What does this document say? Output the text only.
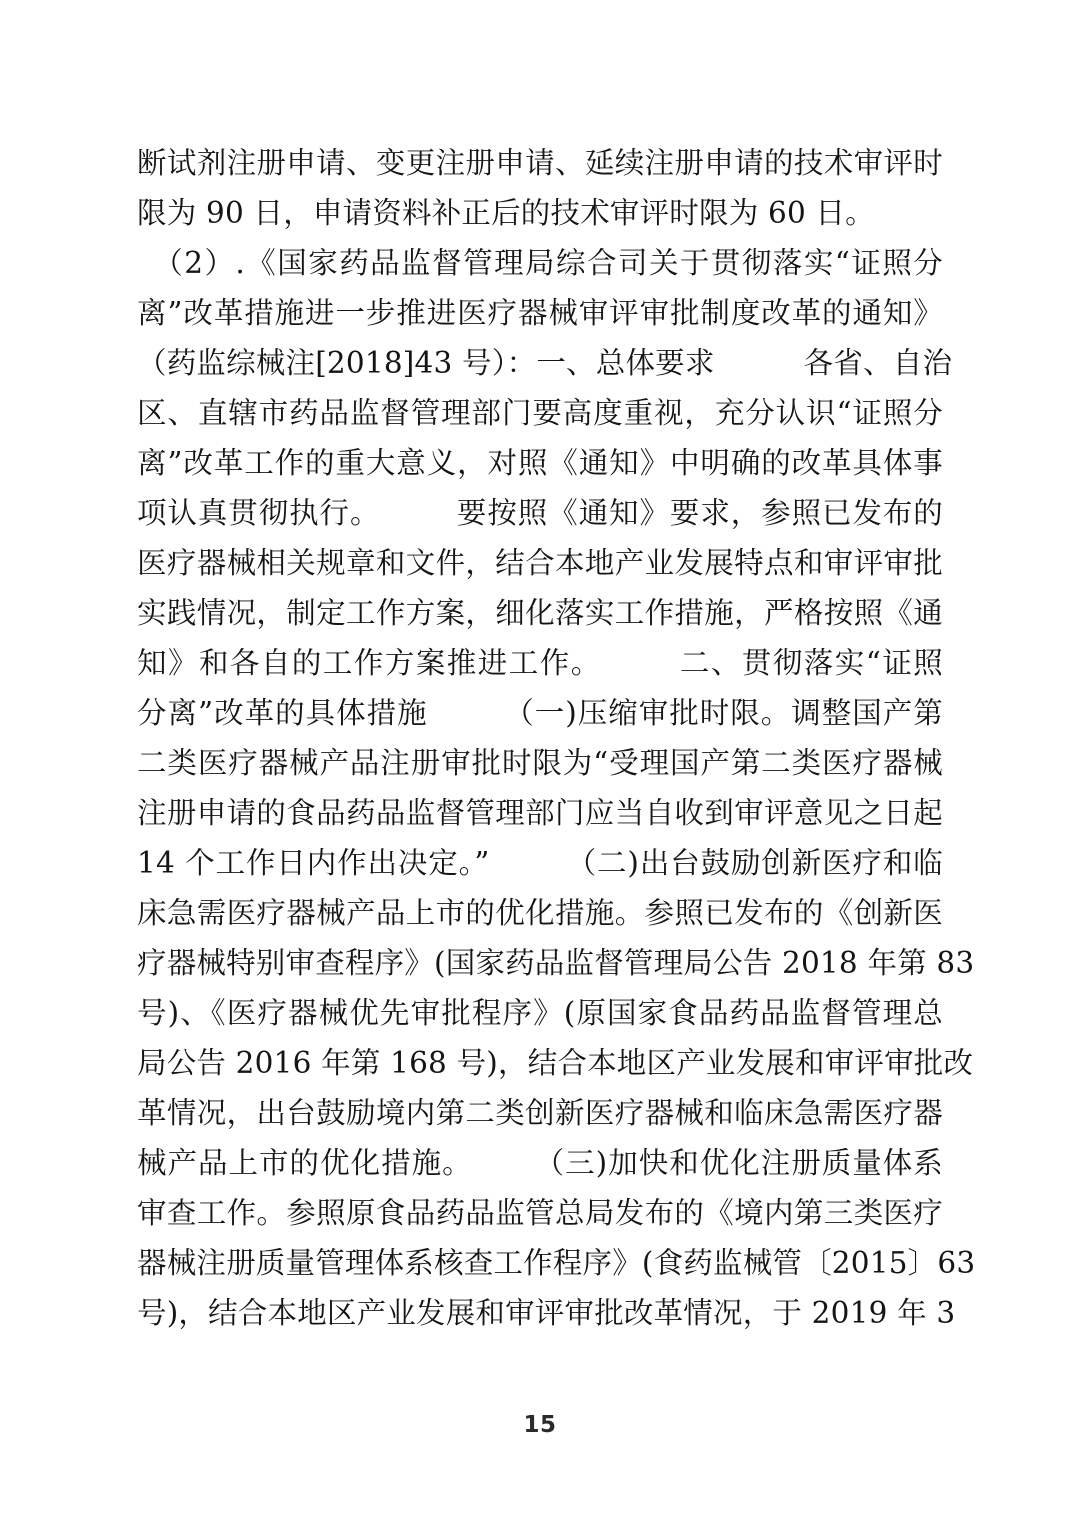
断试剂注册申请、变更注册申请、延续注册申请的技术审评时
限为 90 日，申请资料补正后的技术审评时限为 60 日。
　（2）.《国家药品监督管理局综合司关于贯彻落实“证照分
离”改革措施进一步推进医疗器械审评审批制度改革的通知》
（药监综械注[2018]43 号）：一、总体要求　　　各省、自治
区、直辖市药品监督管理部门要高度重视，充分认识“证照分
离”改革工作的重大意义，对照《通知》中明确的改革具体事
项认真贯彻执行。　　　要按照《通知》要求，参照已发布的
医疗器械相关规章和文件，结合本地产业发展特点和审评审批
实践情况，制定工作方案，细化落实工作措施，严格按照《通
知》和各自的工作方案推进工作。　　　二、贯彻落实“证照
分离”改革的具体措施　　　（一)压缩审批时限。调整国产第
二类医疗器械产品注册审批时限为“受理国产第二类医疗器械
注册申请的食品药品监督管理部门应当自收到审评意见之日起
14 个工作日内作出决定。”　　　（二)出台鼓励创新医疗和临
床急需医疗器械产品上市的优化措施。参照已发布的《创新医
疗器械特别审查程序》(国家药品监督管理局公告 2018 年第 83
号)、《医疗器械优先审批程序》(原国家食品药品监督管理总
局公告 2016 年第 168 号)，结合本地区产业发展和审评审批改
革情况，出台鼓励境内第二类创新医疗器械和临床急需医疗器
械产品上市的优化措施。　　　（三)加快和优化注册质量体系
审查工作。参照原食品药品监管总局发布的《境内第三类医疗
器械注册质量管理体系核查工作程序》(食药监械管〔2015〕63
号)，结合本地区产业发展和审评审批改革情况，于 2019 年 3
15
